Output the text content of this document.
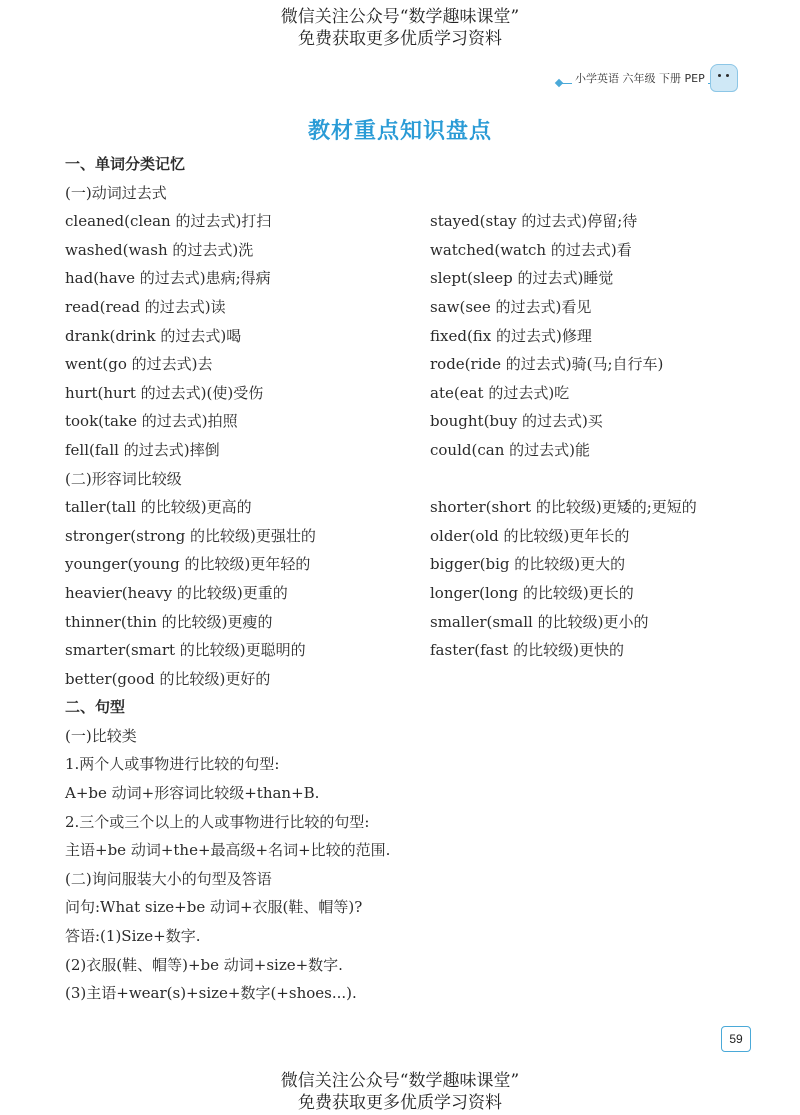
微信关注公众号“数学趣味课堂”
免费获取更多优质学习资料
小学英语 六年级 下册 PEP
教材重点知识盘点
一、单词分类记忆
(一)动词过去式
cleaned(clean 的过去式)打扫	stayed(stay 的过去式)停留;待
washed(wash 的过去式)洗	watched(watch 的过去式)看
had(have 的过去式)患病;得病	slept(sleep 的过去式)睡觉
read(read 的过去式)读	saw(see 的过去式)看见
drank(drink 的过去式)喝	fixed(fix 的过去式)修理
went(go 的过去式)去	rode(ride 的过去式)骑(马;自行车)
hurt(hurt 的过去式)(使)受伤	ate(eat 的过去式)吃
took(take 的过去式)拍照	bought(buy 的过去式)买
fell(fall 的过去式)摔倒	could(can 的过去式)能
(二)形容词比较级
taller(tall 的比较级)更高的	shorter(short 的比较级)更矮的;更短的
stronger(strong 的比较级)更强壮的	older(old 的比较级)更年长的
younger(young 的比较级)更年轻的	bigger(big 的比较级)更大的
heavier(heavy 的比较级)更重的	longer(long 的比较级)更长的
thinner(thin 的比较级)更瘦的	smaller(small 的比较级)更小的
smarter(smart 的比较级)更聪明的	faster(fast 的比较级)更快的
better(good 的比较级)更好的
二、句型
(一)比较类
1.两个人或事物进行比较的句型:
A+be 动词+形容词比较级+than+B.
2.三个或三个以上的人或事物进行比较的句型:
主语+be 动词+the+最高级+名词+比较的范围.
(二)询问服装大小的句型及答语
问句:What size+be 动词+衣服(鞋、帽等)?
答语:(1)Size+数字.
(2)衣服(鞋、帽等)+be 动词+size+数字.
(3)主语+wear(s)+size+数字(+shoes...).
59
微信关注公众号“数学趣味课堂”
免费获取更多优质学习资料
